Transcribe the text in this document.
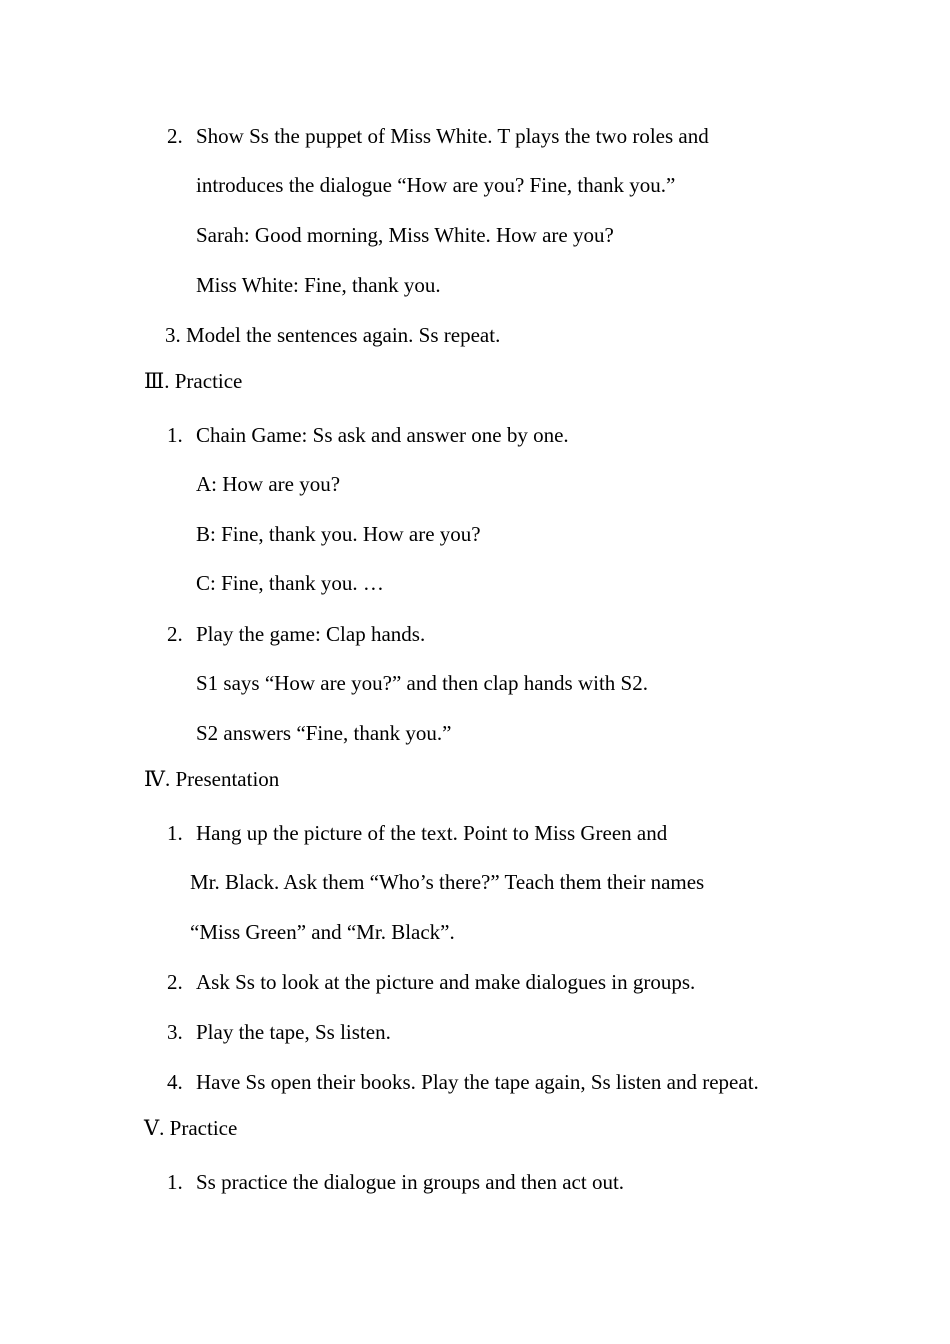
2. Show Ss the puppet of Miss White. T plays the two roles and
introduces the dialogue “How are you? Fine, thank you.”
Sarah: Good morning, Miss White. How are you?
Miss White: Fine, thank you.
3. Model the sentences again. Ss repeat.
Ⅲ. Practice
1. Chain Game: Ss ask and answer one by one.
A: How are you?
B: Fine, thank you. How are you?
C: Fine, thank you. …
2. Play the game: Clap hands.
S1 says “How are you?” and then clap hands with S2.
S2 answers “Fine, thank you.”
Ⅳ. Presentation
1. Hang up the picture of the text. Point to Miss Green and
Mr. Black. Ask them “Who’s there?” Teach them their names
“Miss Green” and “Mr. Black”.
2. Ask Ss to look at the picture and make dialogues in groups.
3. Play the tape, Ss listen.
4. Have Ss open their books. Play the tape again, Ss listen and repeat.
Ⅴ. Practice
1. Ss practice the dialogue in groups and then act out.
